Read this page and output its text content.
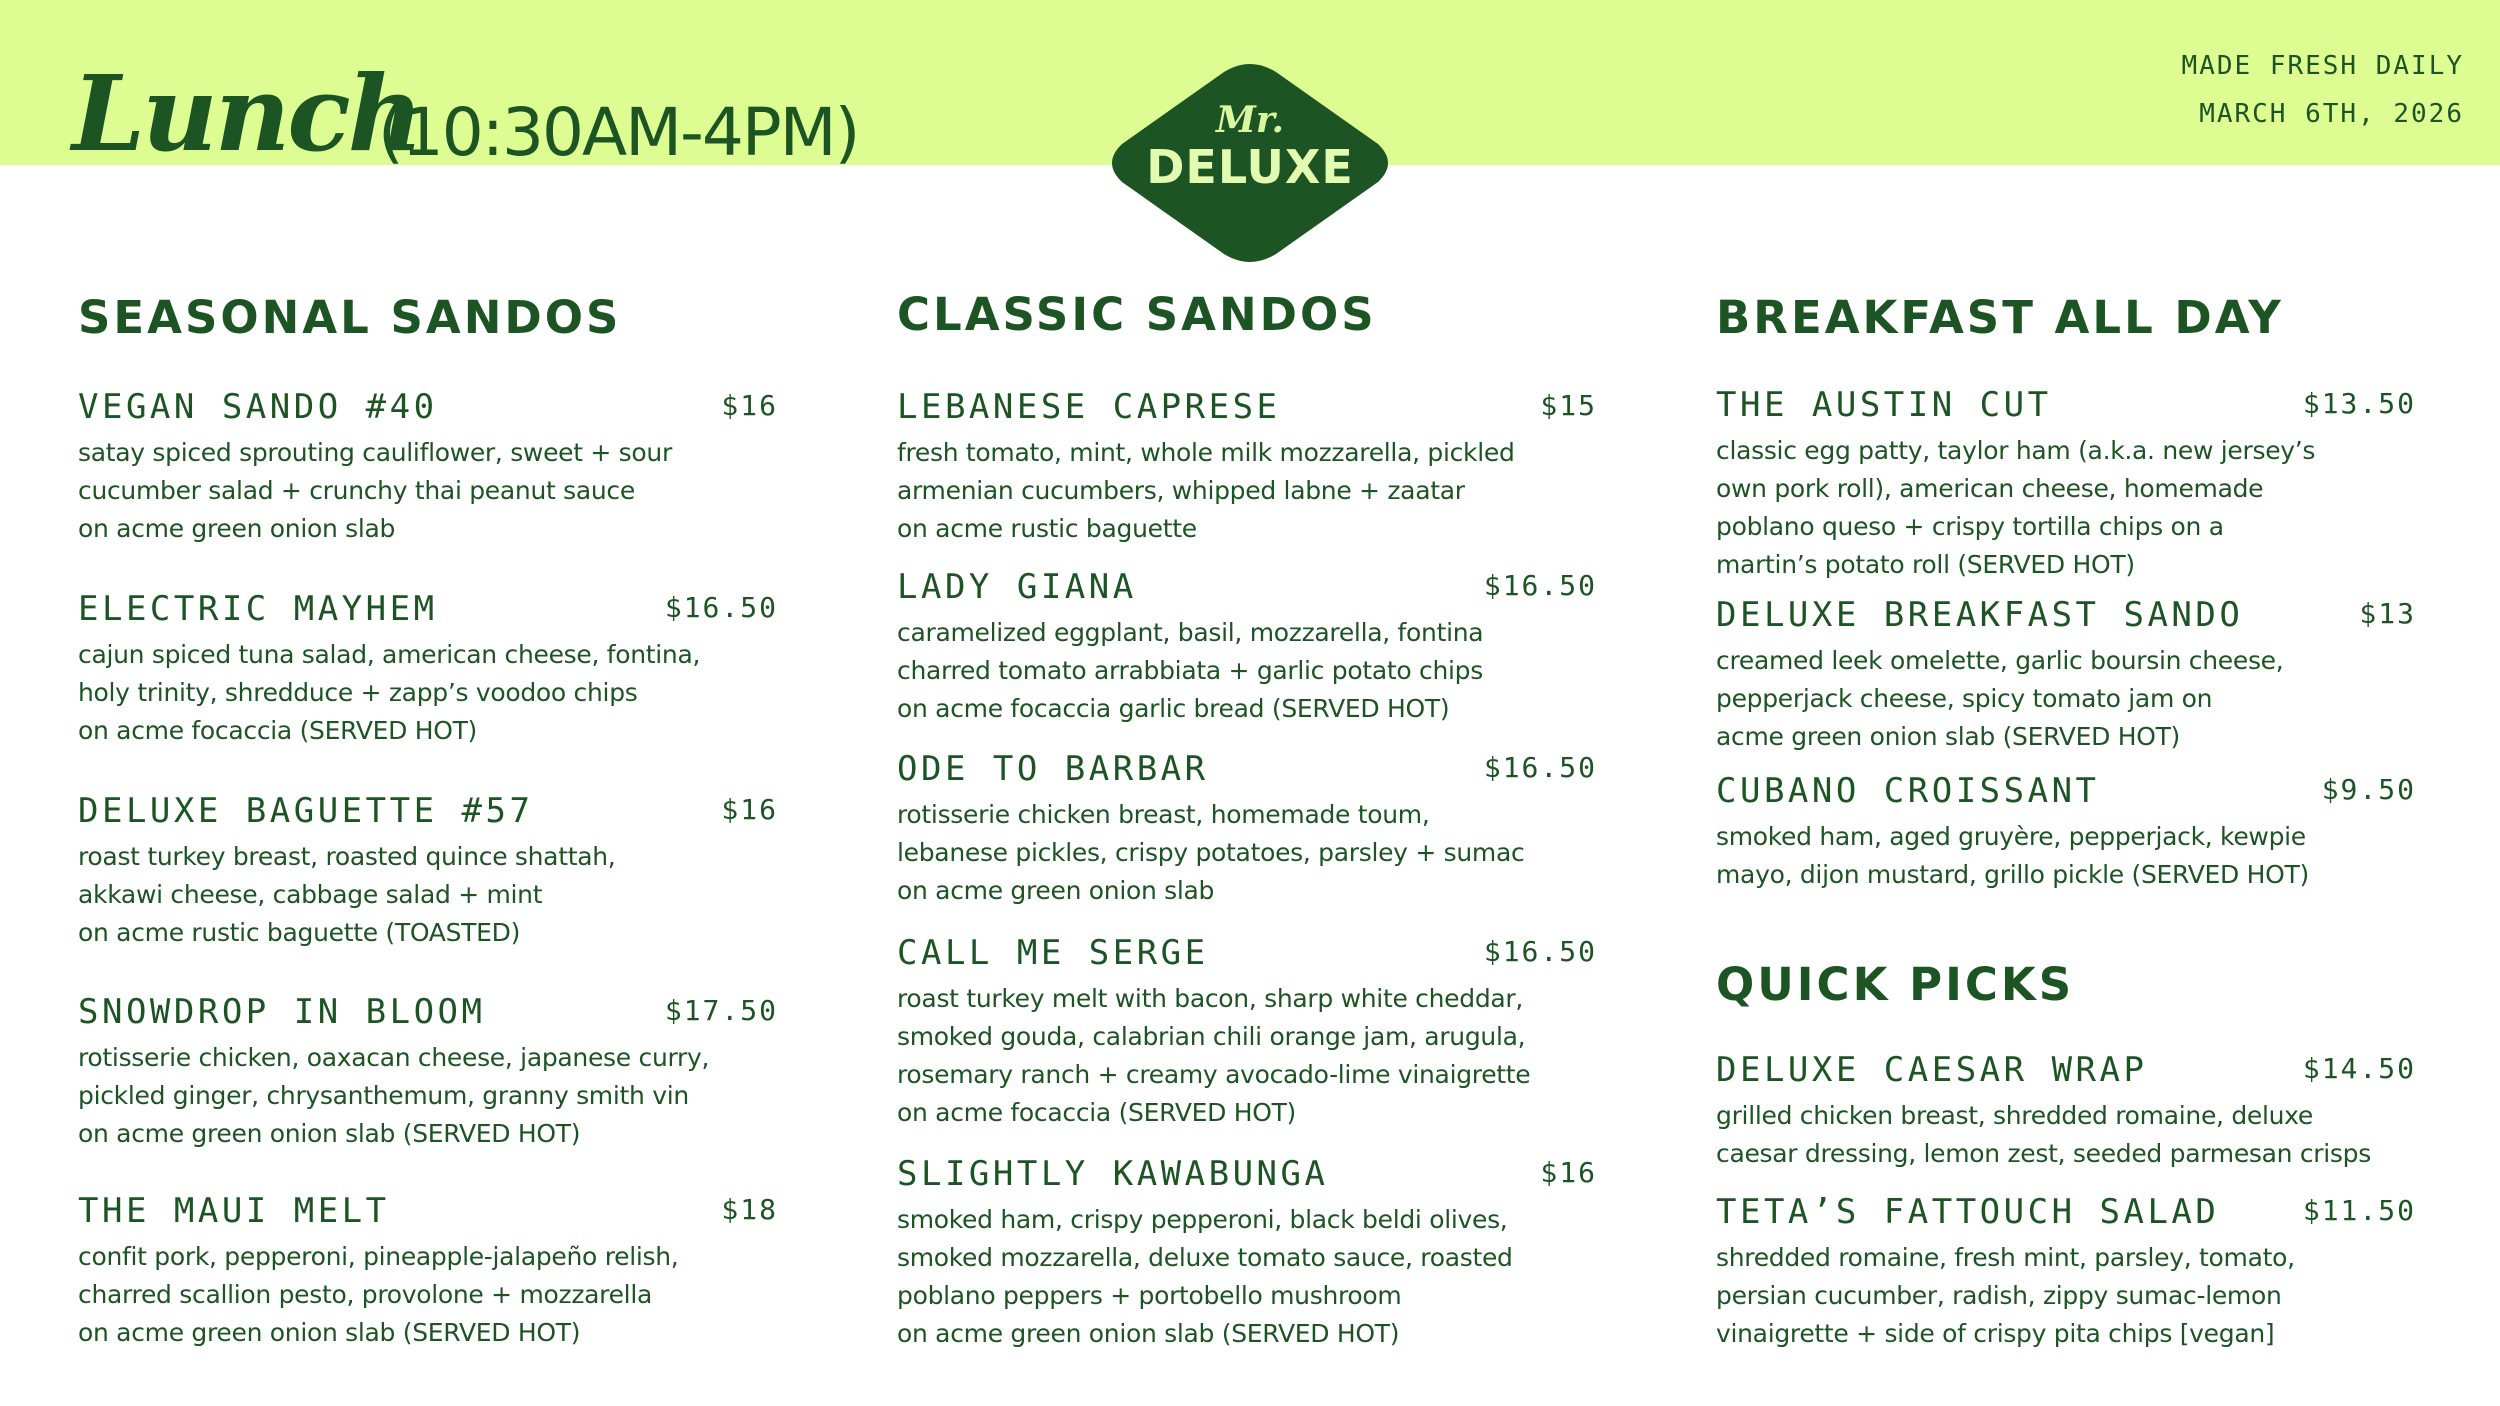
Lunch
(10:30AM-4PM)
MADE FRESH DAILY
MARCH 6TH, 2026
Mr.
DELUXE
SEASONAL SANDOS
VEGAN SANDO #40	$16
satay spiced sprouting cauliflower, sweet + sour
cucumber salad + crunchy thai peanut sauce
on acme green onion slab
ELECTRIC MAYHEM	$16.50
cajun spiced tuna salad, american cheese, fontina,
holy trinity, shredduce + zapp’s voodoo chips
on acme focaccia (SERVED HOT)
DELUXE BAGUETTE #57	$16
roast turkey breast, roasted quince shattah,
akkawi cheese, cabbage salad + mint
on acme rustic baguette (TOASTED)
SNOWDROP IN BLOOM	$17.50
rotisserie chicken, oaxacan cheese, japanese curry,
pickled ginger, chrysanthemum, granny smith vin
on acme green onion slab (SERVED HOT)
THE MAUI MELT	$18
confit pork, pepperoni, pineapple-jalapeño relish,
charred scallion pesto, provolone + mozzarella
on acme green onion slab (SERVED HOT)
CLASSIC SANDOS
LEBANESE CAPRESE	$15
fresh tomato, mint, whole milk mozzarella, pickled
armenian cucumbers, whipped labne + zaatar
on acme rustic baguette
LADY GIANA	$16.50
caramelized eggplant, basil, mozzarella, fontina
charred tomato arrabbiata + garlic potato chips
on acme focaccia garlic bread (SERVED HOT)
ODE TO BARBAR	$16.50
rotisserie chicken breast, homemade toum,
lebanese pickles, crispy potatoes, parsley + sumac
on acme green onion slab
CALL ME SERGE	$16.50
roast turkey melt with bacon, sharp white cheddar,
smoked gouda, calabrian chili orange jam, arugula,
rosemary ranch + creamy avocado-lime vinaigrette
on acme focaccia (SERVED HOT)
SLIGHTLY KAWABUNGA	$16
smoked ham, crispy pepperoni, black beldi olives,
smoked mozzarella, deluxe tomato sauce, roasted
poblano peppers + portobello mushroom
on acme green onion slab (SERVED HOT)
BREAKFAST ALL DAY
THE AUSTIN CUT	$13.50
classic egg patty, taylor ham (a.k.a. new jersey’s
own pork roll), american cheese, homemade
poblano queso + crispy tortilla chips on a
martin’s potato roll (SERVED HOT)
DELUXE BREAKFAST SANDO	$13
creamed leek omelette, garlic boursin cheese,
pepperjack cheese, spicy tomato jam on
acme green onion slab (SERVED HOT)
CUBANO CROISSANT	$9.50
smoked ham, aged gruyère, pepperjack, kewpie
mayo, dijon mustard, grillo pickle (SERVED HOT)
QUICK PICKS
DELUXE CAESAR WRAP	$14.50
grilled chicken breast, shredded romaine, deluxe
caesar dressing, lemon zest, seeded parmesan crisps
TETA’S FATTOUCH SALAD	$11.50
shredded romaine, fresh mint, parsley, tomato,
persian cucumber, radish, zippy sumac-lemon
vinaigrette + side of crispy pita chips [vegan]
